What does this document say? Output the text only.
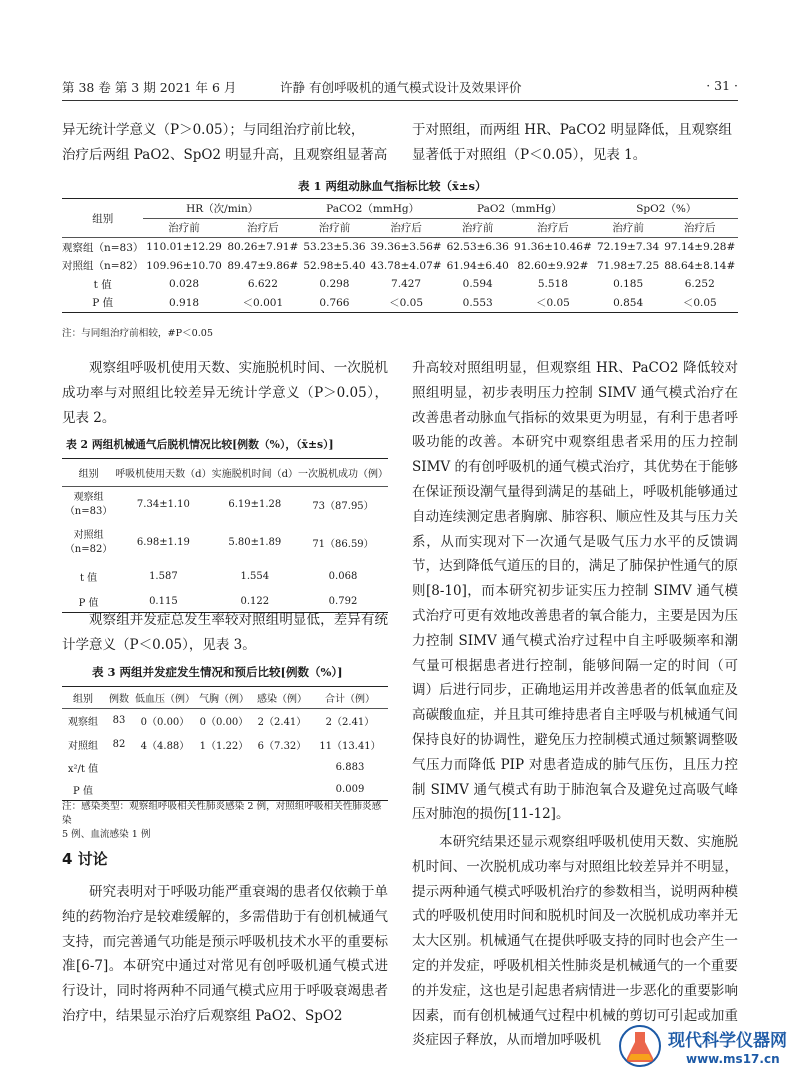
第 38 卷 第 3 期 2021 年 6 月	许静 有创呼吸机的通气模式设计及效果评价	· 31 ·

异无统计学意义（P＞0.05）；与同组治疗前比较，

治疗后两组 PaO2、SpO2 明显升高，且观察组显著高

于对照组，而两组 HR、PaCO2 明显降低，且观察组

显著低于对照组（P＜0.05），见表 1。

表 1 两组动脉血气指标比较（x̄±s）
组别	HR（次/min）		PaCO2（mmHg）		PaO2（mmHg）		SpO2（%）	
	治疗前	治疗后	治疗前	治疗后	治疗前	治疗后	治疗前	治疗后
观察组（n=83）	110.01±12.29	80.26±7.91#	53.23±5.36	39.36±3.56#	62.53±6.36	91.36±10.46#	72.19±7.34	97.14±9.28#
对照组（n=82）	109.96±10.70	89.47±9.86#	52.98±5.40	43.78±4.07#	61.94±6.40	82.60±9.92#	71.98±7.25	88.64±8.14#
t 值	0.028	6.622	0.298	7.427	0.594	5.518	0.185	6.252
P 值	0.918	＜0.001	0.766	＜0.05	0.553	＜0.05	0.854	＜0.05
注：与同组治疗前相较，#P＜0.05
观察组呼吸机使用天数、实施脱机时间、一次脱机成功率与对照组比较差异无统计学意义（P＞0.05），见表 2。
表 2 两组机械通气后脱机情况比较[例数（%），（x̄±s）]
组别	呼吸机使用天数（d）	实施脱机时间（d）	一次脱机成功（例）
观察组
（n=83）	7.34±1.10	6.19±1.28	73（87.95）
对照组
（n=82）	6.98±1.19	5.80±1.89	71（86.59）
t 值	1.587	1.554	0.068
P 值	0.115	0.122	0.792
观察组并发症总发生率较对照组明显低，差异有统计学意义（P＜0.05），见表 3。
表 3 两组并发症发生情况和预后比较[例数（%）]
组别	例数	低血压（例）	气胸（例）	感染（例）	合计（例）
观察组	83	0（0.00）	0（0.00）	2（2.41）	2（2.41）
对照组	82	4（4.88）	1（1.22）	6（7.32）	11（13.41）
x²/t 值					6.883
P 值					0.009
注：感染类型：观察组呼吸相关性肺炎感染 2 例，对照组呼吸相关性肺炎感染
5 例、血流感染 1 例
4 讨论
研究表明对于呼吸功能严重衰竭的患者仅依赖于单纯的药物治疗是较难缓解的，多需借助于有创机械通气支持，而完善通气功能是预示呼吸机技术水平的重要标准[6-7]。本研究中通过对常见有创呼吸机通气模式进行设计，同时将两种不同通气模式应用于呼吸衰竭患者治疗中，结果显示治疗后观察组 PaO2、SpO2
升高较对照组明显，但观察组 HR、PaCO2 降低较对照组明显，初步表明压力控制 SIMV 通气模式治疗在改善患者动脉血气指标的效果更为明显，有利于患者呼吸功能的改善。本研究中观察组患者采用的压力控制 SIMV 的有创呼吸机的通气模式治疗，其优势在于能够在保证预设潮气量得到满足的基础上，呼吸机能够通过自动连续测定患者胸廓、肺容积、顺应性及其与压力关系，从而实现对下一次通气是吸气压力水平的反馈调节，达到降低气道压的目的，满足了肺保护性通气的原则[8-10]，而本研究初步证实压力控制 SIMV 通气模式治疗可更有效地改善患者的氧合能力，主要是因为压力控制 SIMV 通气模式治疗过程中自主呼吸频率和潮气量可根据患者进行控制，能够间隔一定的时间（可调）后进行同步，正确地运用并改善患者的低氧血症及高碳酸血症，并且其可维持患者自主呼吸与机械通气间保持良好的协调性，避免压力控制模式通过频繁调整吸气压力而降低 PIP 对患者造成的肺气压伤，且压力控制 SIMV 通气模式有助于肺泡氧合及避免过高吸气峰压对肺泡的损伤[11-12]。
本研究结果还显示观察组呼吸机使用天数、实施脱机时间、一次脱机成功率与对照组比较差异并不明显，提示两种通气模式呼吸机治疗的参数相当，说明两种模式的呼吸机使用时间和脱机时间及一次脱机成功率并无太大区别。机械通气在提供呼吸支持的同时也会产生一定的并发症，呼吸机相关性肺炎是机械通气的一个重要的并发症，这也是引起患者病情进一步恶化的重要影响因素，而有创机械通气过程中机械的剪切可引起或加重炎症因子释放，从而增加呼吸机	现代科学仪器网
www.ms17.cn
